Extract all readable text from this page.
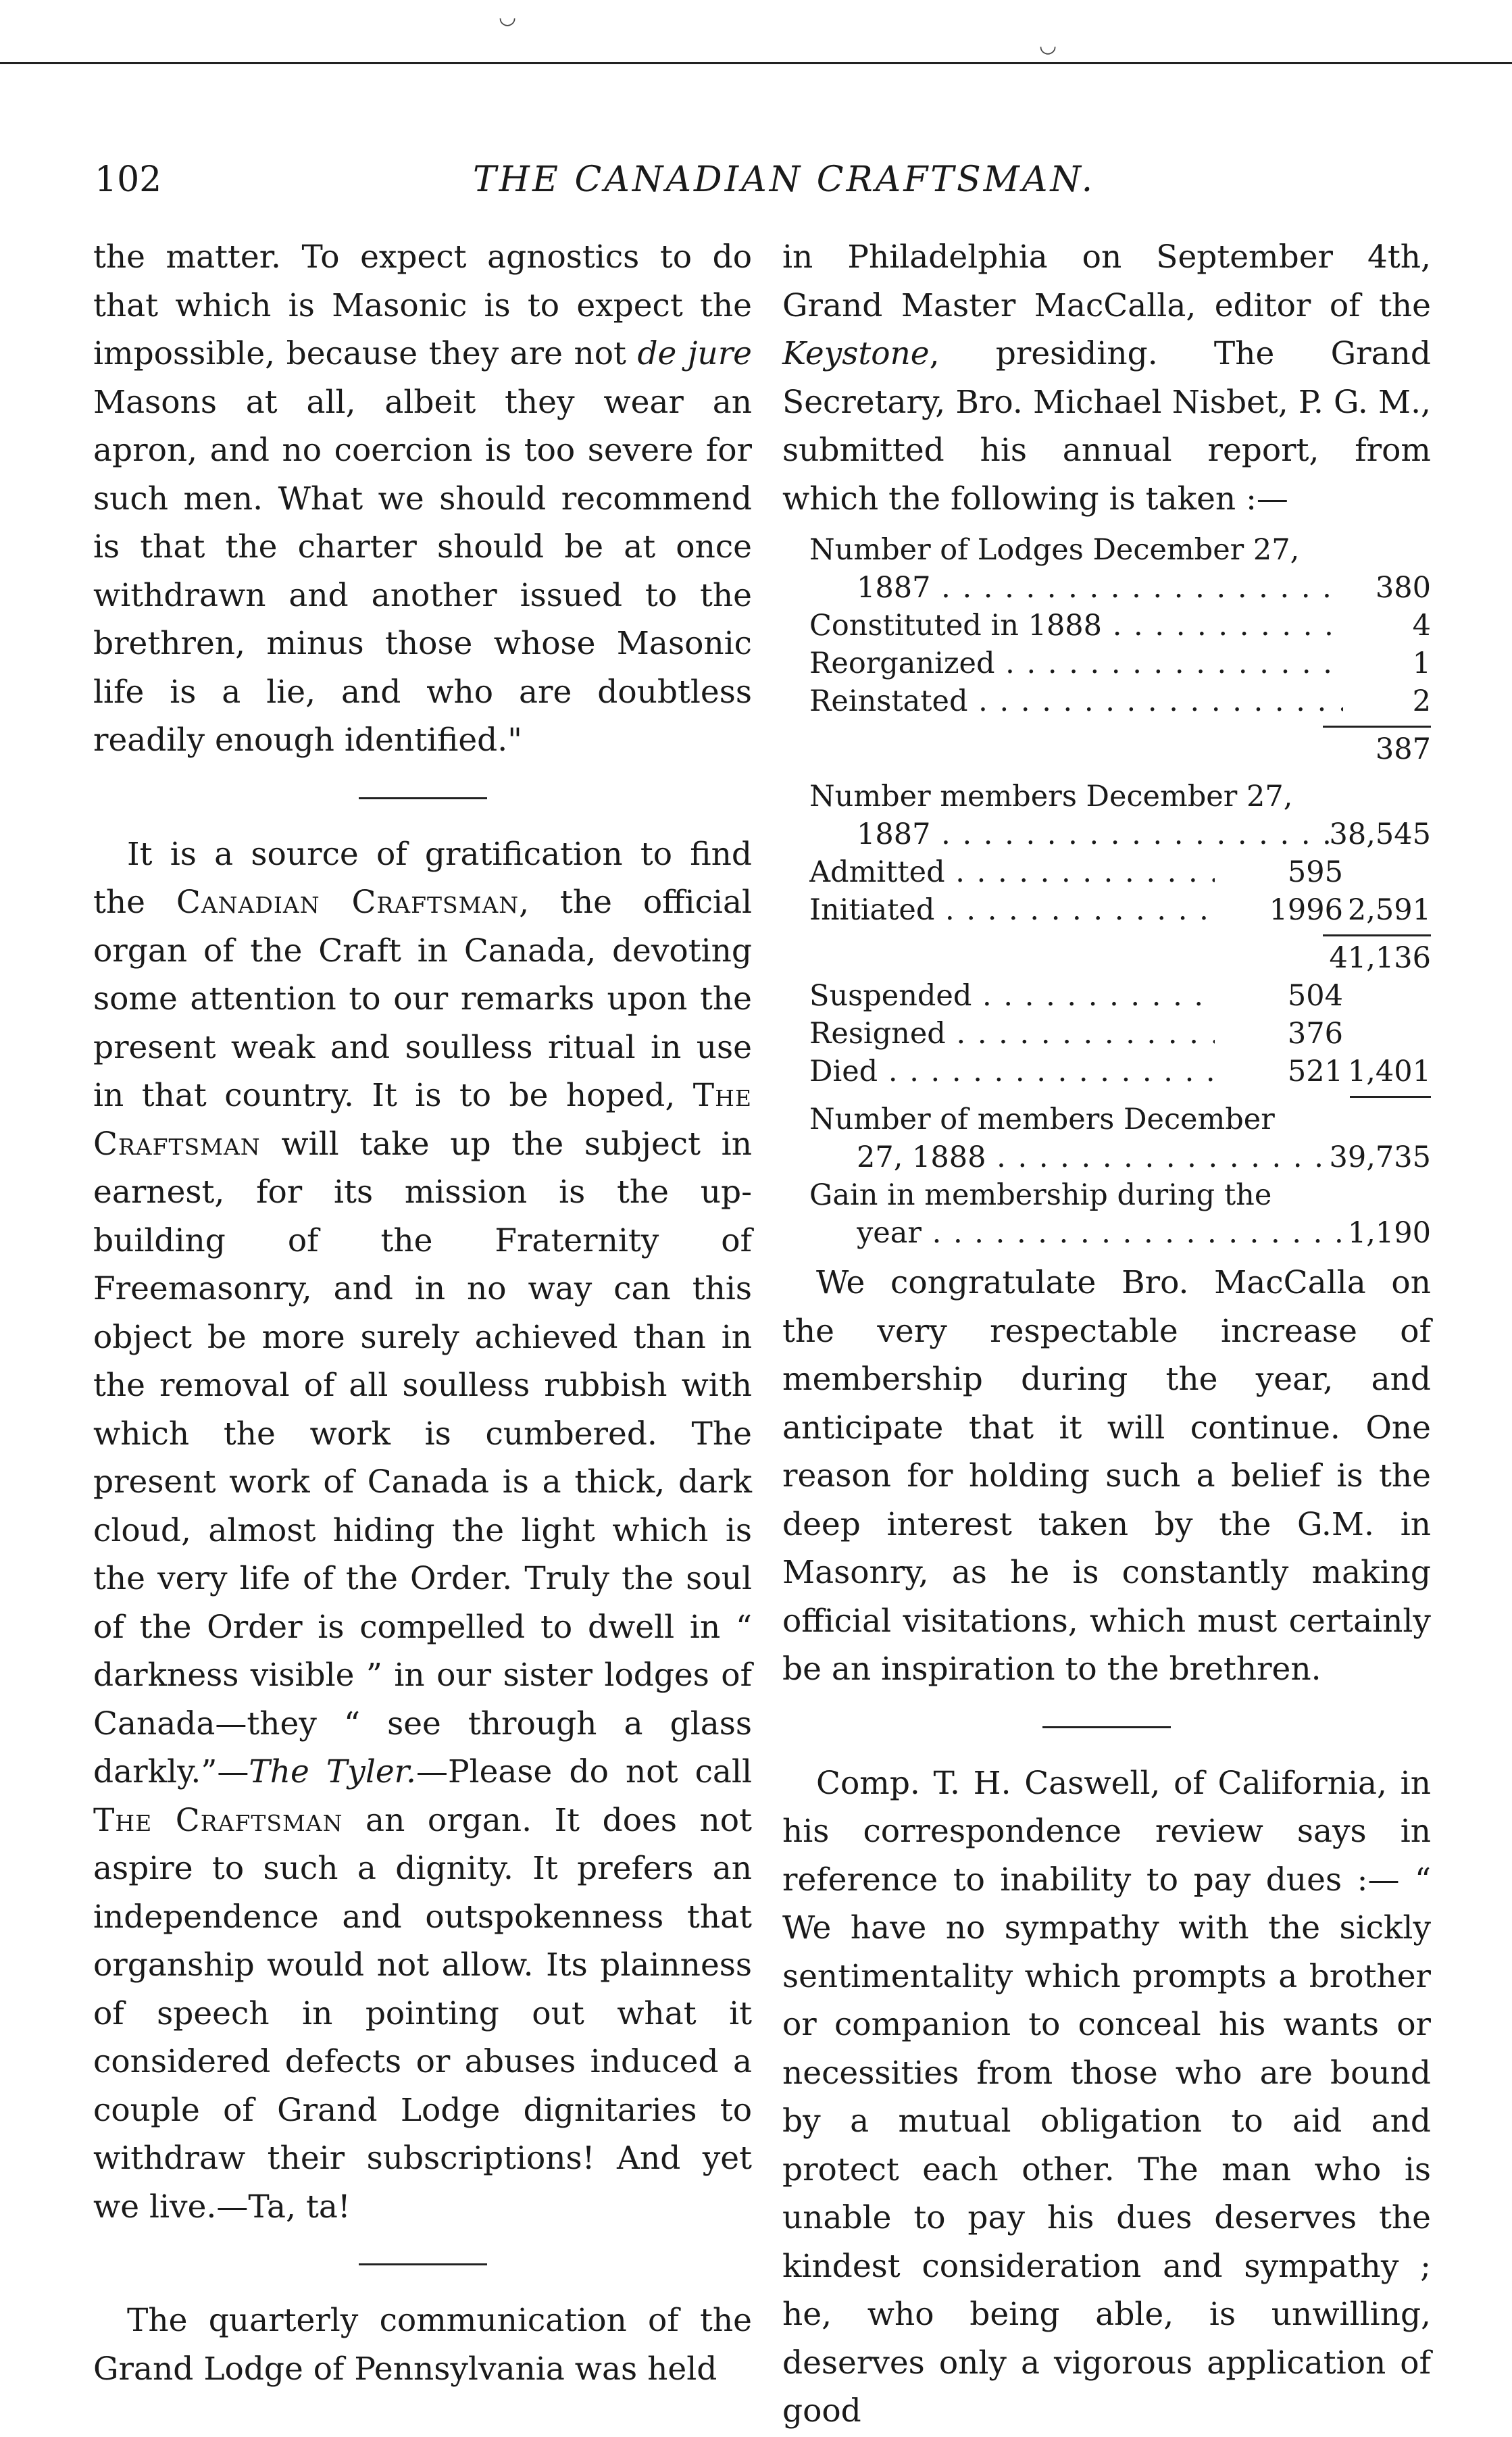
◡
◡
102	THE CANADIAN CRAFTSMAN.

the matter. To expect agnostics to do that which is Masonic is to expect the impossible, because they are not de jure Masons at all, albeit they wear an apron, and no coercion is too severe for such men. What we should recommend is that the charter should be at once withdrawn and another issued to the brethren, minus those whose Masonic life is a lie, and who are doubtless readily enough identified."

It is a source of gratification to find the Canadian Craftsman, the official organ of the Craft in Canada, devoting some attention to our remarks upon the present weak and soulless ritual in use in that country. It is to be hoped, The Craftsman will take up the subject in earnest, for its mission is the up-building of the Fraternity of Freemasonry, and in no way can this object be more surely achieved than in the removal of all soulless rubbish with which the work is cumbered. The present work of Canada is a thick, dark cloud, almost hiding the light which is the very life of the Order. Truly the soul of the Order is compelled to dwell in “ darkness visible ” in our sister lodges of Canada—they “ see through a glass darkly.”—The Tyler.—Please do not call The Craftsman an organ. It does not aspire to such a dignity. It prefers an independence and outspokenness that organship would not allow. Its plainness of speech in pointing out what it considered defects or abuses induced a couple of Grand Lodge dignitaries to withdraw their subscriptions! And yet we live.—Ta, ta!

The quarterly communication of the Grand Lodge of Pennsylvania was held

in Philadelphia on September 4th, Grand Master MacCalla, editor of the Keystone, presiding. The Grand Secretary, Bro. Michael Nisbet, P. G. M., submitted his annual report, from which the following is taken :—

Number of Lodges December 27,
1887 . . .	380
Constituted in 1888 . . .	4
Reorganized . . .	1
Reinstated . . .	2
387
Number members December 27,
1887 . . .	38,545
Admitted . . .	595
Initiated . . .	1996 2,591
41,136
Suspended . . .	504
Resigned . . .	376
Died . . .	521 1,401
Number of members December
27, 1888 . . .	39,735
Gain in membership during the
year . . .	1,190

We congratulate Bro. MacCalla on the very respectable increase of membership during the year, and anticipate that it will continue. One reason for holding such a belief is the deep interest taken by the G.M. in Masonry, as he is constantly making official visitations, which must certainly be an inspiration to the brethren.

Comp. T. H. Caswell, of California, in his correspondence review says in reference to inability to pay dues :— “ We have no sympathy with the sickly sentimentality which prompts a brother or companion to conceal his wants or necessities from those who are bound by a mutual obligation to aid and protect each other. The man who is unable to pay his dues deserves the kindest consideration and sympathy ; he, who being able, is unwilling, deserves only a vigorous application of good
